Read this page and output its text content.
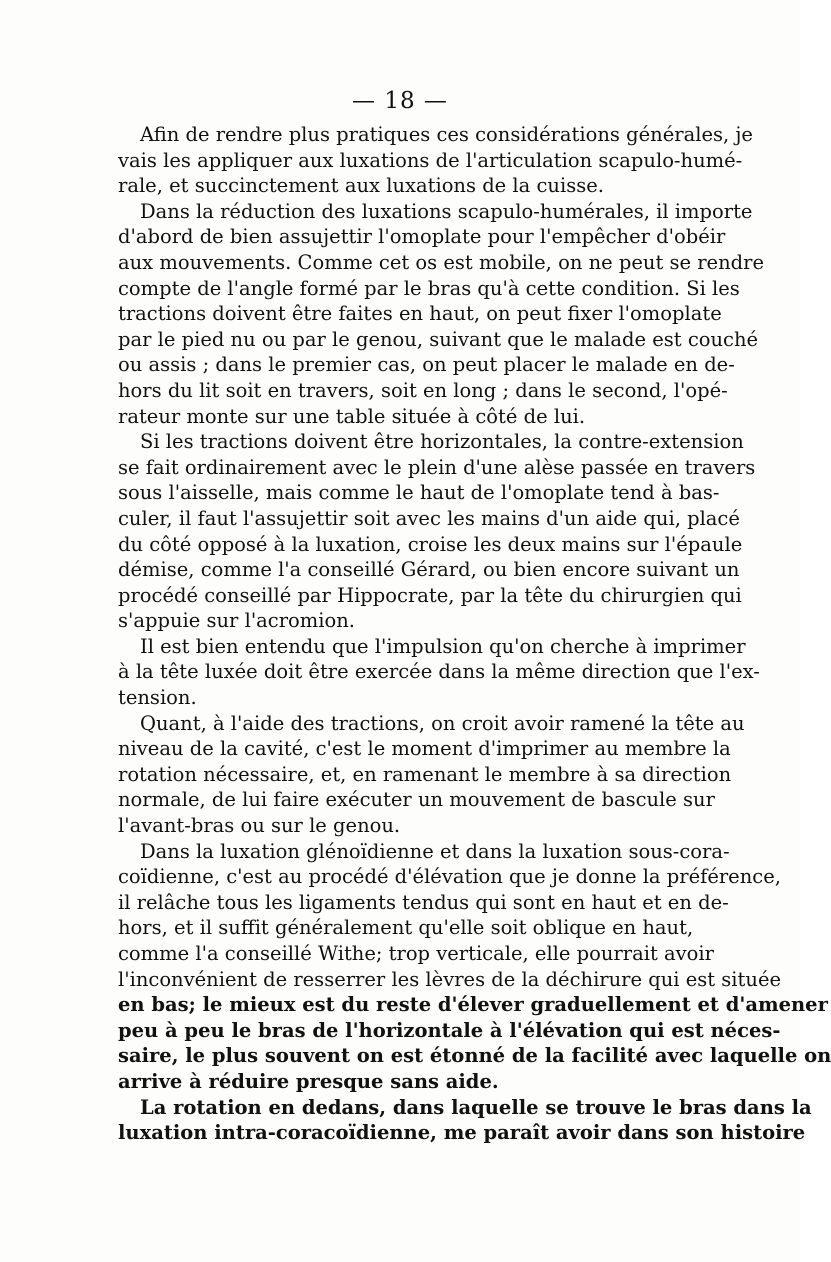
— 18 —
Afin de rendre plus pratiques ces considérations générales, je
vais les appliquer aux luxations de l'articulation scapulo-humé-
rale, et succinctement aux luxations de la cuisse.
Dans la réduction des luxations scapulo-humérales, il importe
d'abord de bien assujettir l'omoplate pour l'empêcher d'obéir
aux mouvements. Comme cet os est mobile, on ne peut se rendre
compte de l'angle formé par le bras qu'à cette condition. Si les
tractions doivent être faites en haut, on peut fixer l'omoplate
par le pied nu ou par le genou, suivant que le malade est couché
ou assis ; dans le premier cas, on peut placer le malade en de-
hors du lit soit en travers, soit en long ; dans le second, l'opé-
rateur monte sur une table située à côté de lui.
Si les tractions doivent être horizontales, la contre-extension
se fait ordinairement avec le plein d'une alèse passée en travers
sous l'aisselle, mais comme le haut de l'omoplate tend à bas-
culer, il faut l'assujettir soit avec les mains d'un aide qui, placé
du côté opposé à la luxation, croise les deux mains sur l'épaule
démise, comme l'a conseillé Gérard, ou bien encore suivant un
procédé conseillé par Hippocrate, par la tête du chirurgien qui
s'appuie sur l'acromion.
Il est bien entendu que l'impulsion qu'on cherche à imprimer
à la tête luxée doit être exercée dans la même direction que l'ex-
tension.
Quant, à l'aide des tractions, on croit avoir ramené la tête au
niveau de la cavité, c'est le moment d'imprimer au membre la
rotation nécessaire, et, en ramenant le membre à sa direction
normale, de lui faire exécuter un mouvement de bascule sur
l'avant-bras ou sur le genou.
Dans la luxation glénoïdienne et dans la luxation sous-cora-
coïdienne, c'est au procédé d'élévation que je donne la préférence,
il relâche tous les ligaments tendus qui sont en haut et en de-
hors, et il suffit généralement qu'elle soit oblique en haut,
comme l'a conseillé Withe; trop verticale, elle pourrait avoir
l'inconvénient de resserrer les lèvres de la déchirure qui est située
en bas; le mieux est du reste d'élever graduellement et d'amener
peu à peu le bras de l'horizontale à l'élévation qui est néces-
saire, le plus souvent on est étonné de la facilité avec laquelle on
arrive à réduire presque sans aide.
La rotation en dedans, dans laquelle se trouve le bras dans la
luxation intra-coracoïdienne, me paraît avoir dans son histoire
